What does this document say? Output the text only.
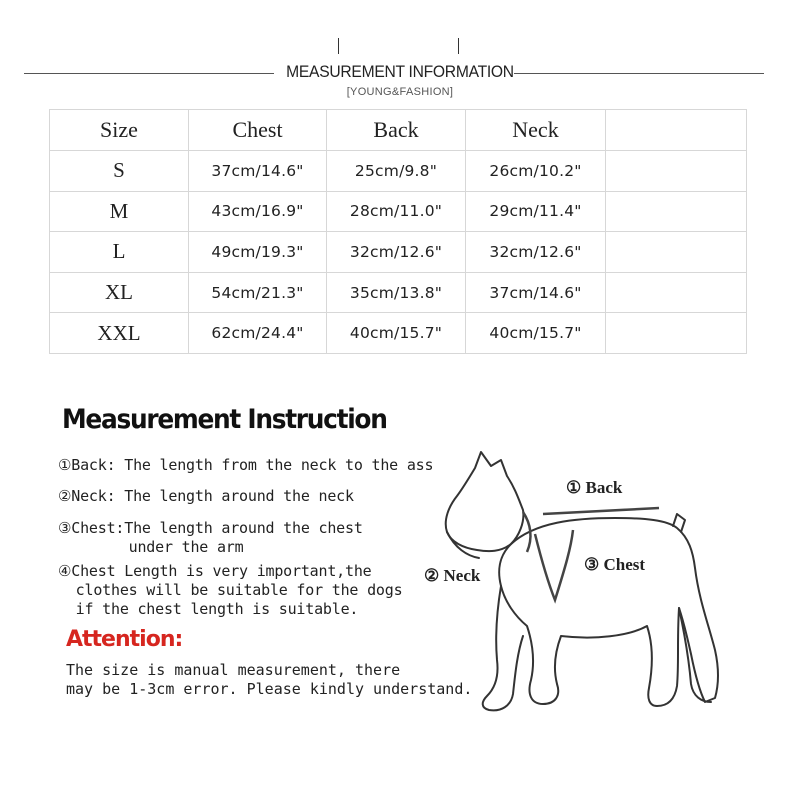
MEASUREMENT INFORMATION
[YOUNG&FASHION]
Size	Chest	Back	Neck	
S	37cm/14.6"	25cm/9.8"	26cm/10.2"	
M	43cm/16.9"	28cm/11.0"	29cm/11.4"	
L	49cm/19.3"	32cm/12.6"	32cm/12.6"	
XL	54cm/21.3"	35cm/13.8"	37cm/14.6"	
XXL	62cm/24.4"	40cm/15.7"	40cm/15.7"	
Measurement Instruction
①Back: The length from the neck to the ass
②Neck: The length around the neck
③Chest:The length around the chest
under the arm
④Chest Length is very important,the
clothes will be suitable for the dogs
if the chest length is suitable.
Attention:
The size is manual measurement, there
may be 1-3cm error. Please kindly understand.
① Back
② Neck
③ Chest
